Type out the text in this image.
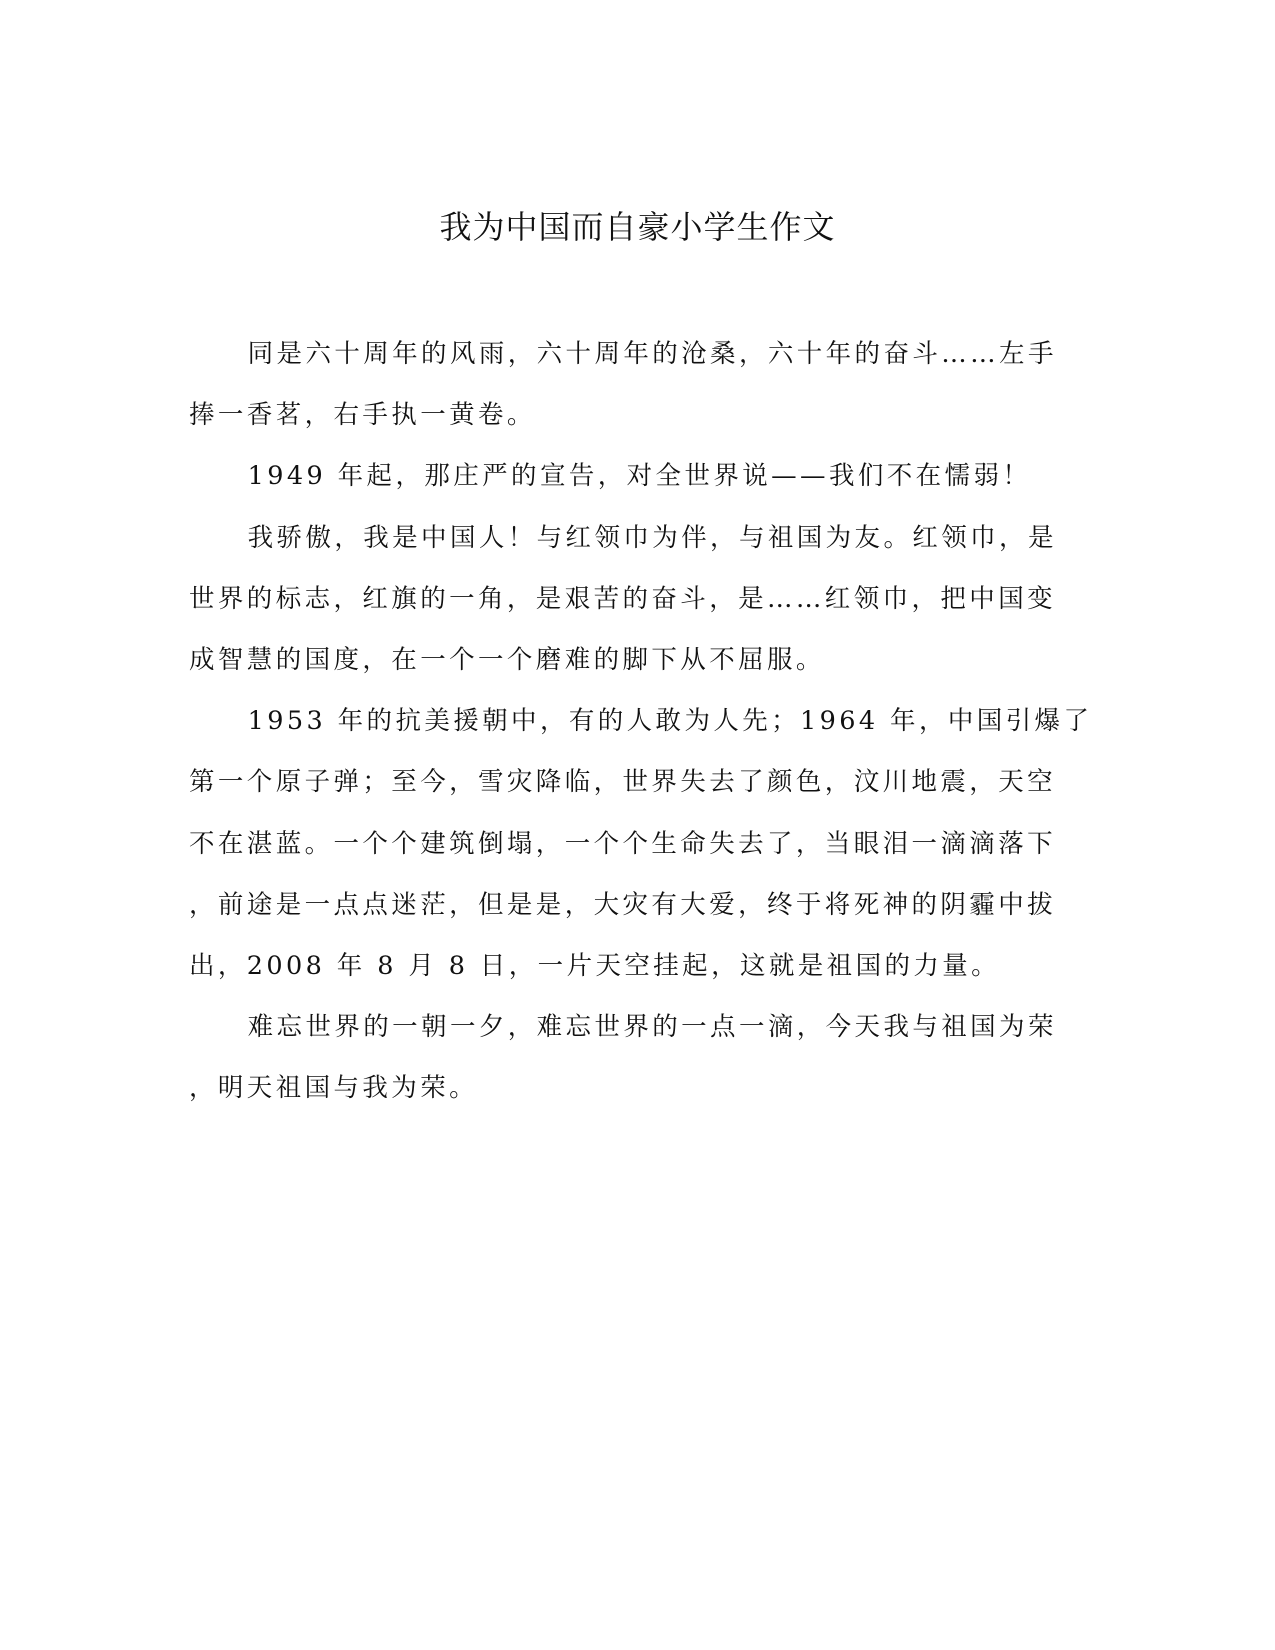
我为中国而自豪小学生作文

同是六十周年的风雨，六十周年的沧桑，六十年的奋斗……左手
捧一香茗，右手执一黄卷。

1949 年起，那庄严的宣告，对全世界说——我们不在懦弱！

我骄傲，我是中国人！与红领巾为伴，与祖国为友。红领巾，是
世界的标志，红旗的一角，是艰苦的奋斗，是……红领巾，把中国变
成智慧的国度，在一个一个磨难的脚下从不屈服。

1953 年的抗美援朝中，有的人敢为人先；1964 年，中国引爆了
第一个原子弹；至今，雪灾降临，世界失去了颜色，汶川地震，天空
不在湛蓝。一个个建筑倒塌，一个个生命失去了，当眼泪一滴滴落下
，前途是一点点迷茫，但是是，大灾有大爱，终于将死神的阴霾中拔
出，2008 年 8 月 8 日，一片天空挂起，这就是祖国的力量。

难忘世界的一朝一夕，难忘世界的一点一滴，今天我与祖国为荣
，明天祖国与我为荣。
